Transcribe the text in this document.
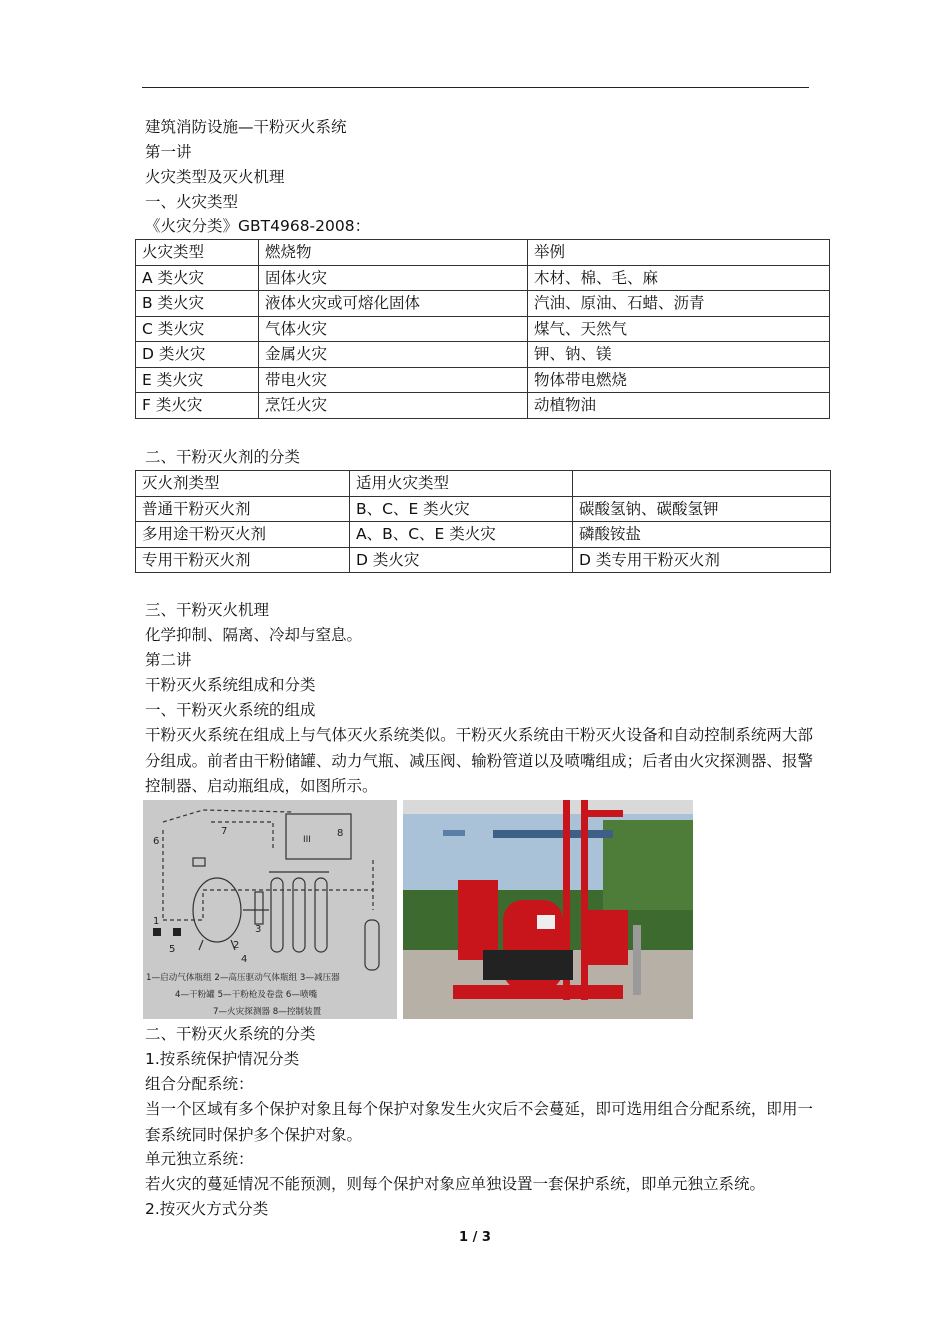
建筑消防设施—干粉灭火系统
第一讲
火灾类型及灭火机理
一、火灾类型
《火灾分类》GBT4968-2008：
火灾类型	燃烧物	举例
A 类火灾	固体火灾	木材、棉、毛、麻
B 类火灾	液体火灾或可熔化固体	汽油、原油、石蜡、沥青
C 类火灾	气体火灾	煤气、天然气
D 类火灾	金属火灾	钾、钠、镁
E 类火灾	带电火灾	物体带电燃烧
F 类火灾	烹饪火灾	动植物油
二、干粉灭火剂的分类
灭火剂类型	适用火灾类型	
普通干粉灭火剂	B、C、E 类火灾	碳酸氢钠、碳酸氢钾
多用途干粉灭火剂	A、B、C、E 类火灾	磷酸铵盐
专用干粉灭火剂	D 类火灾	D 类专用干粉灭火剂
三、干粉灭火机理
化学抑制、隔离、冷却与窒息。
第二讲
干粉灭火系统组成和分类
一、干粉灭火系统的组成
干粉灭火系统在组成上与气体灭火系统类似。干粉灭火系统由干粉灭火设备和自动控制系统两大部分组成。前者由干粉储罐、动力气瓶、减压阀、输粉管道以及喷嘴组成；后者由火灾探测器、报警控制器、启动瓶组成，如图所示。
6
7	8
III
1
2
3
4
5
1—启动气体瓶组 2—高压驱动气体瓶组 3—减压器
4—干粉罐 5—干粉枪及卷盘 6—喷嘴
7—火灾探测器 8—控制装置
二、干粉灭火系统的分类
1.按系统保护情况分类
组合分配系统：
当一个区域有多个保护对象且每个保护对象发生火灾后不会蔓延，即可选用组合分配系统，即用一套系统同时保护多个保护对象。
单元独立系统：
若火灾的蔓延情况不能预测，则每个保护对象应单独设置一套保护系统，即单元独立系统。
2.按灭火方式分类
1 / 3
